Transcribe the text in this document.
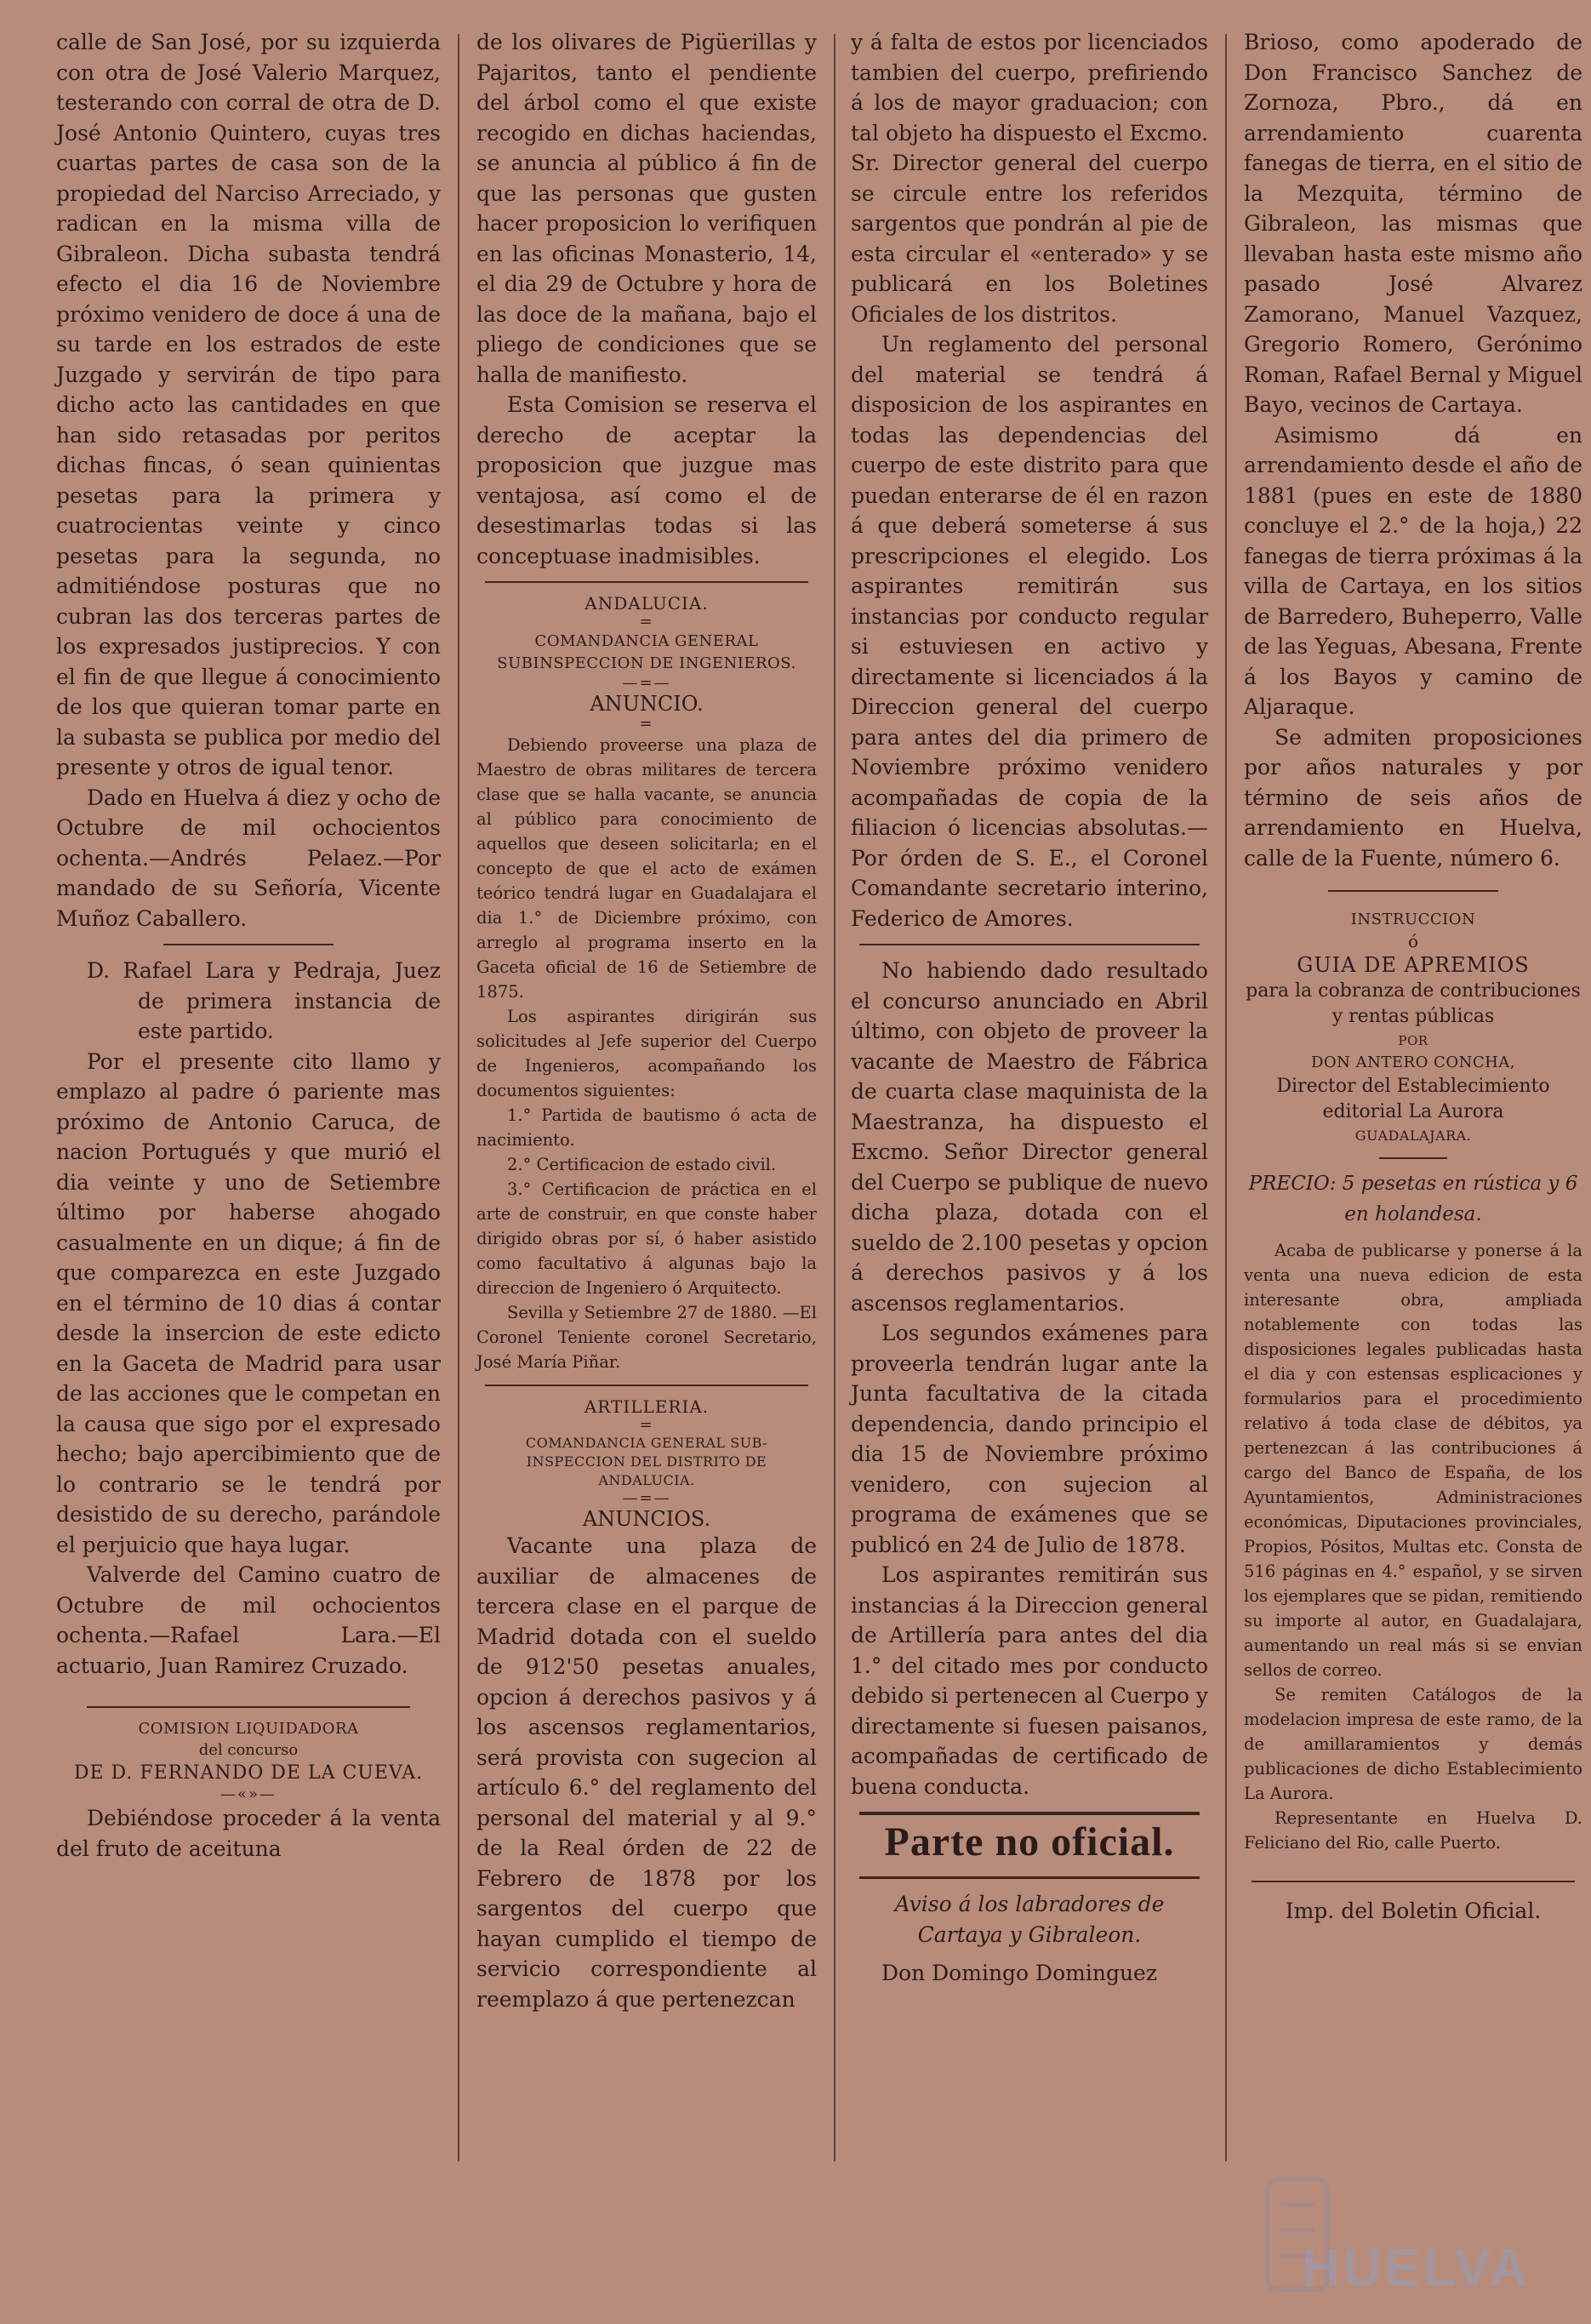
calle de San José, por su izquierda con otra de José Valerio Marquez, testerando con corral de otra de D. José Antonio Quintero, cuyas tres cuartas partes de casa son de la propiedad del Narciso Arreciado, y radican en la misma villa de Gibraleon. Dicha subasta tendrá efecto el dia 16 de Noviembre próximo venidero de doce á una de su tarde en los estrados de este Juzgado y servirán de tipo para dicho acto las cantidades en que han sido retasadas por peritos dichas fincas, ó sean quinientas pesetas para la primera y cuatrocientas veinte y cinco pesetas para la segunda, no admitiéndose posturas que no cubran las dos terceras partes de los expresados justiprecios. Y con el fin de que llegue á conocimiento de los que quieran tomar parte en la subasta se publica por medio del presente y otros de igual tenor.

Dado en Huelva á diez y ocho de Octubre de mil ochocientos ochenta.—Andrés Pelaez.—Por mandado de su Señoría, Vicente Muñoz Caballero.

D. Rafael Lara y Pedraja, Juez de primera instancia de este partido.

Por el presente cito llamo y emplazo al padre ó pariente mas próximo de Antonio Caruca, de nacion Portugués y que murió el dia veinte y uno de Setiembre último por haberse ahogado casualmente en un dique; á fin de que comparezca en este Juzgado en el término de 10 dias á contar desde la insercion de este edicto en la Gaceta de Madrid para usar de las acciones que le competan en la causa que sigo por el expresado hecho; bajo apercibimiento que de lo contrario se le tendrá por desistido de su derecho, parándole el perjuicio que haya lugar.

Valverde del Camino cuatro de Octubre de mil ochocientos ochenta.—Rafael Lara.—El actuario, Juan Ramirez Cruzado.

COMISION LIQUIDADORA

del concurso

DE D. FERNANDO DE LA CUEVA.

—«»—

Debiéndose proceder á la venta del fruto de aceituna

de los olivares de Pigüerillas y Pajaritos, tanto el pendiente del árbol como el que existe recogido en dichas haciendas, se anuncia al público á fin de que las personas que gusten hacer proposicion lo verifiquen en las oficinas Monasterio, 14, el dia 29 de Octubre y hora de las doce de la mañana, bajo el pliego de condiciones que se halla de manifiesto.

Esta Comision se reserva el derecho de aceptar la proposicion que juzgue mas ventajosa, así como el de desestimarlas todas si las conceptuase inadmisibles.

ANDALUCIA.

=

COMANDANCIA GENERAL SUBINSPECCION DE INGENIEROS.

—=—

ANUNCIO.

=

Debiendo proveerse una plaza de Maestro de obras militares de tercera clase que se halla vacante, se anuncia al público para conocimiento de aquellos que deseen solicitarla; en el concepto de que el acto de exámen teórico tendrá lugar en Guadalajara el dia 1.° de Diciembre próximo, con arreglo al programa inserto en la Gaceta oficial de 16 de Setiembre de 1875.

Los aspirantes dirigirán sus solicitudes al Jefe superior del Cuerpo de Ingenieros, acompañando los documentos siguientes:

1.° Partida de bautismo ó acta de nacimiento.

2.° Certificacion de estado civil.

3.° Certificacion de práctica en el arte de construir, en que conste haber dirigido obras por sí, ó haber asistido como facultativo á algunas bajo la direccion de Ingeniero ó Arquitecto.

Sevilla y Setiembre 27 de 1880. —El Coronel Teniente coronel Secretario, José María Piñar.

ARTILLERIA.

=

COMANDANCIA GENERAL SUB-INSPECCION DEL DISTRITO DE ANDALUCIA.

—=—

ANUNCIOS.

Vacante una plaza de auxiliar de almacenes de tercera clase en el parque de Madrid dotada con el sueldo de 912'50 pesetas anuales, opcion á derechos pasivos y á los ascensos reglamentarios, será provista con sugecion al artículo 6.° del reglamento del personal del material y al 9.° de la Real órden de 22 de Febrero de 1878 por los sargentos del cuerpo que hayan cumplido el tiempo de servicio correspondiente al reemplazo á que pertenezcan

y á falta de estos por licenciados tambien del cuerpo, prefiriendo á los de mayor graduacion; con tal objeto ha dispuesto el Excmo. Sr. Director general del cuerpo se circule entre los referidos sargentos que pondrán al pie de esta circular el «enterado» y se publicará en los Boletines Oficiales de los distritos.

Un reglamento del personal del material se tendrá á disposicion de los aspirantes en todas las dependencias del cuerpo de este distrito para que puedan enterarse de él en razon á que deberá someterse á sus prescripciones el elegido. Los aspirantes remitirán sus instancias por conducto regular si estuviesen en activo y directamente si licenciados á la Direccion general del cuerpo para antes del dia primero de Noviembre próximo venidero acompañadas de copia de la filiacion ó licencias absolutas.—Por órden de S. E., el Coronel Comandante secretario interino, Federico de Amores.

No habiendo dado resultado el concurso anunciado en Abril último, con objeto de proveer la vacante de Maestro de Fábrica de cuarta clase maquinista de la Maestranza, ha dispuesto el Excmo. Señor Director general del Cuerpo se publique de nuevo dicha plaza, dotada con el sueldo de 2.100 pesetas y opcion á derechos pasivos y á los ascensos reglamentarios.

Los segundos exámenes para proveerla tendrán lugar ante la Junta facultativa de la citada dependencia, dando principio el dia 15 de Noviembre próximo venidero, con sujecion al programa de exámenes que se publicó en 24 de Julio de 1878.

Los aspirantes remitirán sus instancias á la Direccion general de Artillería para antes del dia 1.° del citado mes por conducto debido si pertenecen al Cuerpo y directamente si fuesen paisanos, acompañadas de certificado de buena conducta.

Parte no oficial.

Aviso á los labradores de Cartaya y Gibraleon.

Don Domingo Dominguez

Brioso, como apoderado de Don Francisco Sanchez de Zornoza, Pbro., dá en arrendamiento cuarenta fanegas de tierra, en el sitio de la Mezquita, término de Gibraleon, las mismas que llevaban hasta este mismo año pasado José Alvarez Zamorano, Manuel Vazquez, Gregorio Romero, Gerónimo Roman, Rafael Bernal y Miguel Bayo, vecinos de Cartaya.

Asimismo dá en arrendamiento desde el año de 1881 (pues en este de 1880 concluye el 2.° de la hoja,) 22 fanegas de tierra próximas á la villa de Cartaya, en los sitios de Barredero, Buheperro, Valle de las Yeguas, Abesana, Frente á los Bayos y camino de Aljaraque.

Se admiten proposiciones por años naturales y por término de seis años de arrendamiento en Huelva, calle de la Fuente, número 6.

INSTRUCCION

ó

GUIA DE APREMIOS

para la cobranza de contribuciones y rentas públicas

POR

DON ANTERO CONCHA,

Director del Establecimiento editorial La Aurora

GUADALAJARA.

PRECIO: 5 pesetas en rústica y 6 en holandesa.

Acaba de publicarse y ponerse á la venta una nueva edicion de esta interesante obra, ampliada notablemente con todas las disposiciones legales publicadas hasta el dia y con estensas esplicaciones y formularios para el procedimiento relativo á toda clase de débitos, ya pertenezcan á las contribuciones á cargo del Banco de España, de los Ayuntamientos, Administraciones económicas, Diputaciones provinciales, Propios, Pósitos, Multas etc. Consta de 516 páginas en 4.° español, y se sirven los ejemplares que se pidan, remitiendo su importe al autor, en Guadalajara, aumentando un real más si se envian sellos de correo.

Se remiten Catálogos de la modelacion impresa de este ramo, de la de amillaramientos y demás publicaciones de dicho Establecimiento La Aurora.

Representante en Huelva D. Feliciano del Rio, calle Puerto.

Imp. del Boletin Oficial.

HUELVA
